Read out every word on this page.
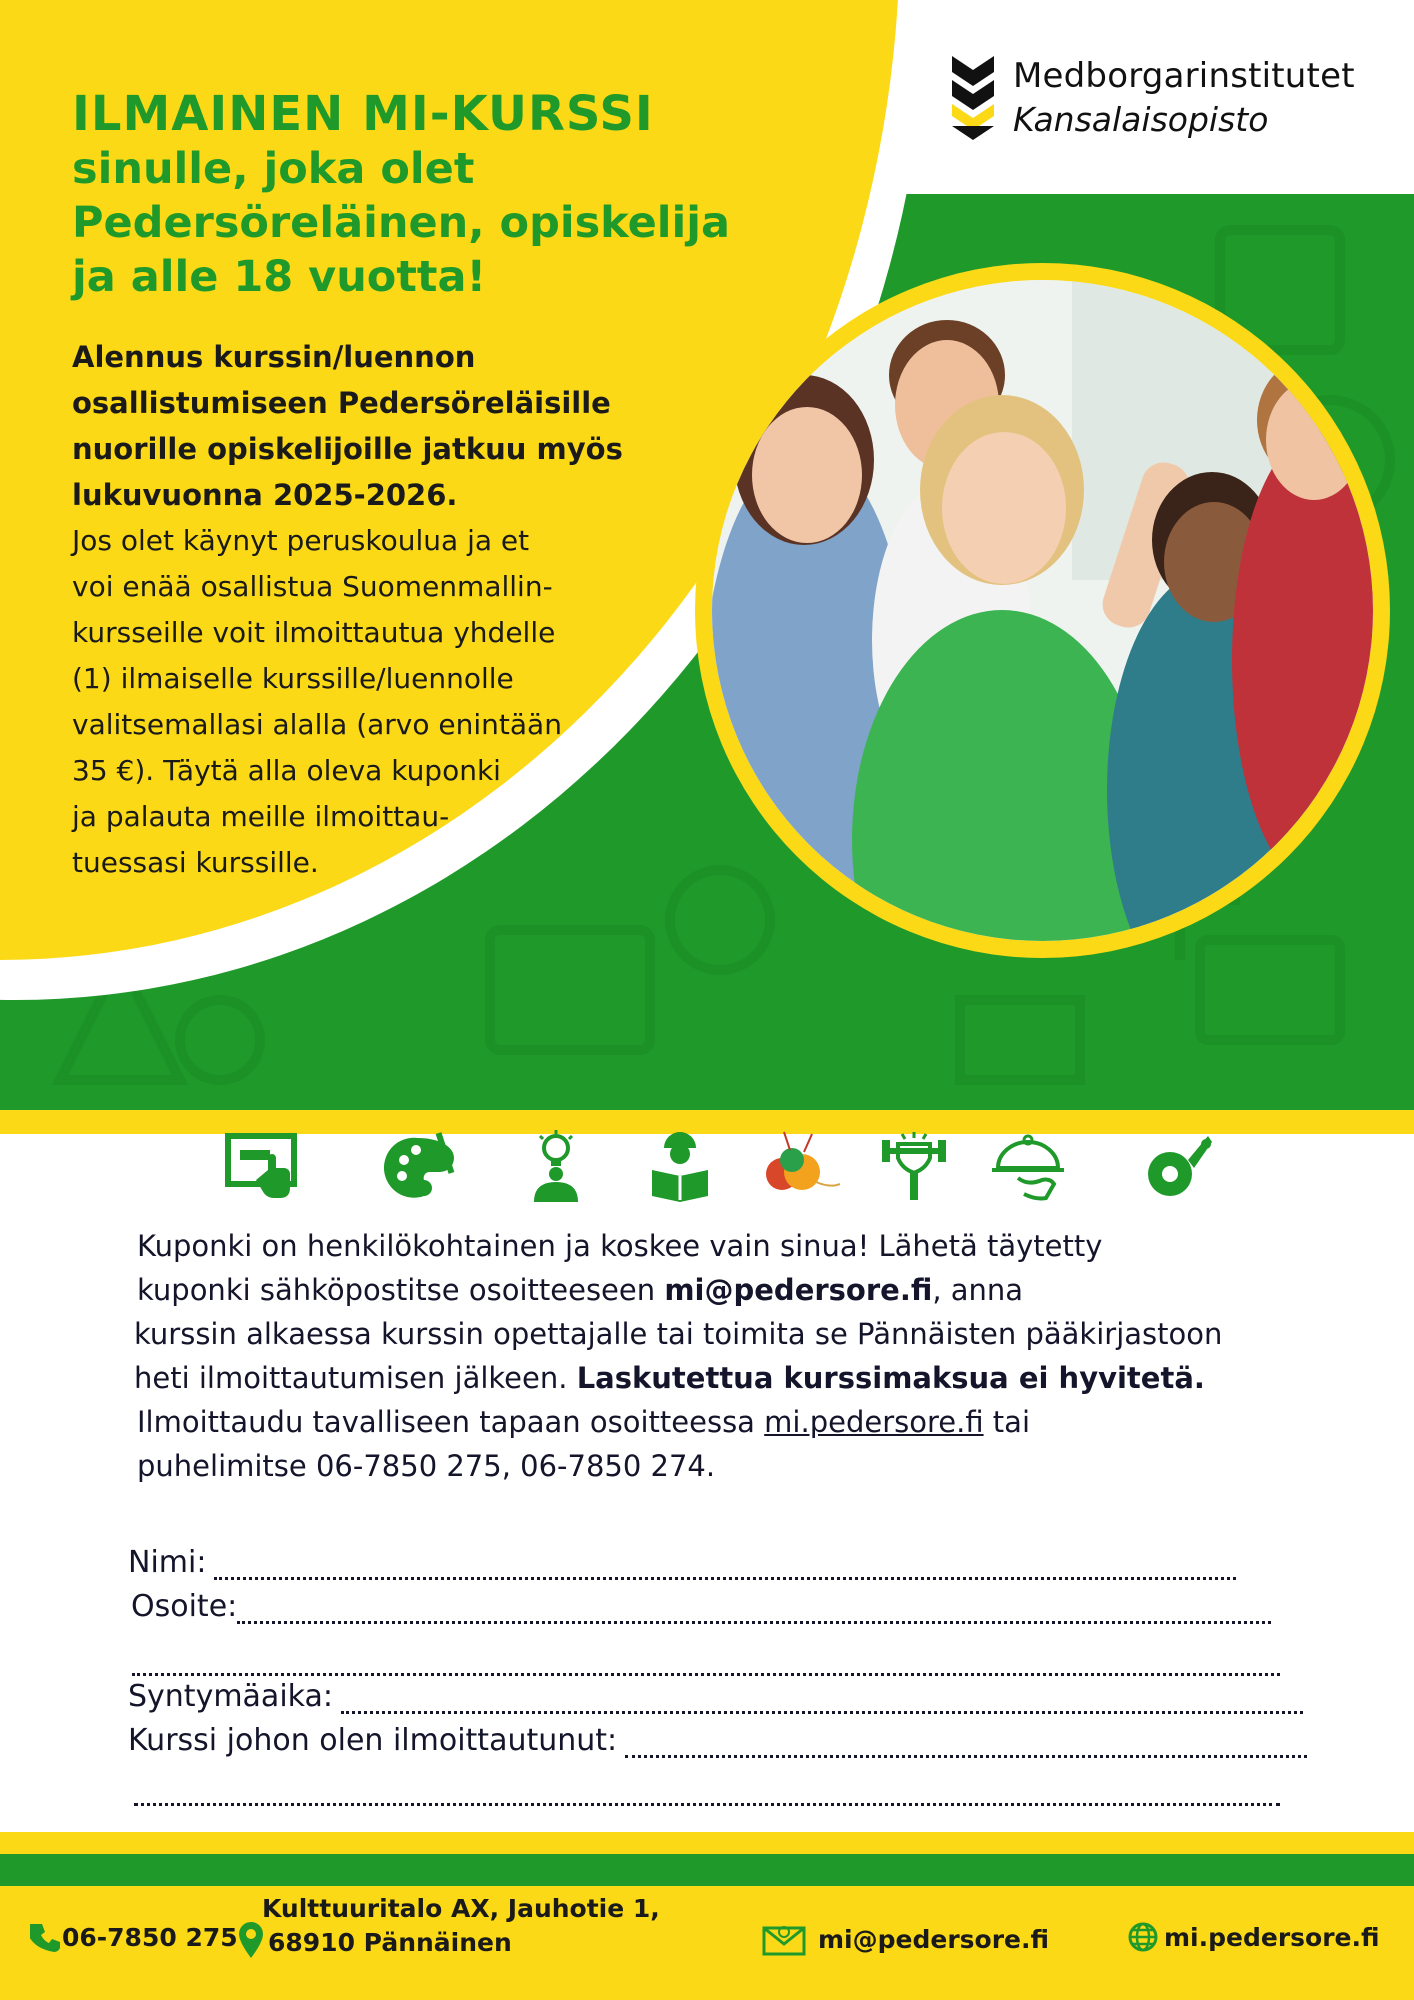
Medborgarinstitutet
Kansalaisopisto
ILMAINEN MI-KURSSI
sinulle, joka olet
Pedersöreläinen, opiskelija
ja alle 18 vuotta!
Alennus kurssin/luennon
osallistumiseen Pedersöreläisille
nuorille opiskelijoille jatkuu myös
lukuvuonna 2025-2026.
Jos olet käynyt peruskoulua ja et
voi enää osallistua Suomenmallin-
kursseille voit ilmoittautua yhdelle
(1) ilmaiselle kurssille/luennolle
valitsemallasi alalla (arvo enintään
35 €). Täytä alla oleva kuponki
ja palauta meille ilmoittau-
tuessasi kurssille.
Kuponki on henkilökohtainen ja koskee vain sinua! Lähetä täytetty
kuponki sähköpostitse osoitteeseen mi@pedersore.fi, anna
kurssin alkaessa kurssin opettajalle tai toimita se Pännäisten pääkirjastoon
heti ilmoittautumisen jälkeen. Laskutettua kurssimaksua ei hyvitetä.
Ilmoittaudu tavalliseen tapaan osoitteessa mi.pedersore.fi tai
puhelimitse 06-7850 275, 06-7850 274.
Nimi:
Osoite:
Syntymäaika:
Kurssi johon olen ilmoittautunut:
06-7850 275
Kulttuuritalo AX, Jauhotie 1,
68910 Pännäinen	mi@pedersore.fi	mi.pedersore.fi
